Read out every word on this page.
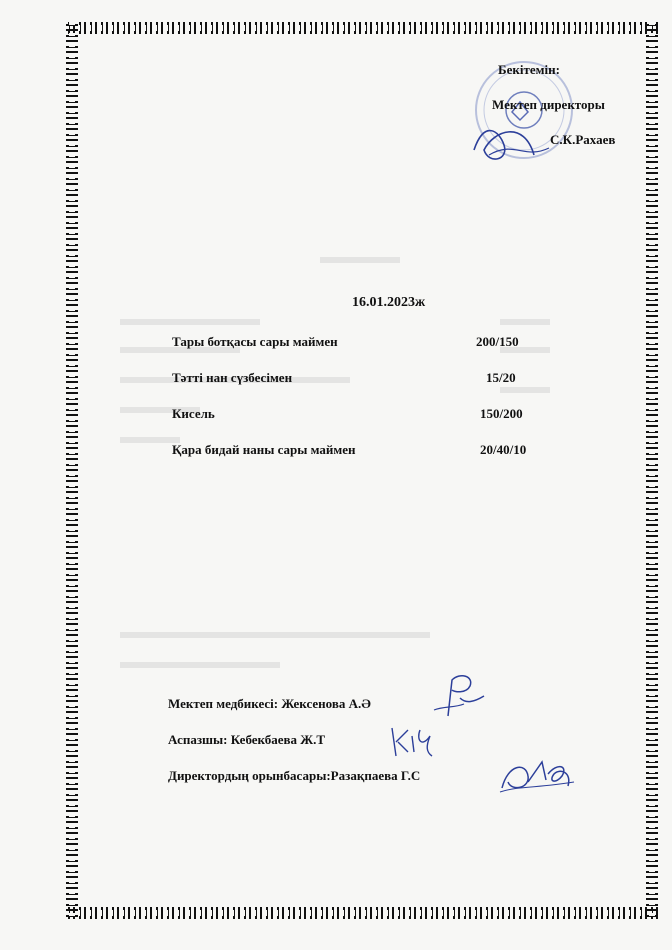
Бекітемін:
Мектеп директоры
С.К.Рахаев
16.01.2023ж
Тары ботқасы сары маймен	200/150
Тәтті нан сүзбесімен	15/20
Кисель	150/200
Қара бидай наны сары маймен	20/40/10
Мектеп медбикесі: Жексенова А.Ә
Аспазшы: Кебекбаева Ж.Т
Директордың орынбасары:Разақпаева Г.С
